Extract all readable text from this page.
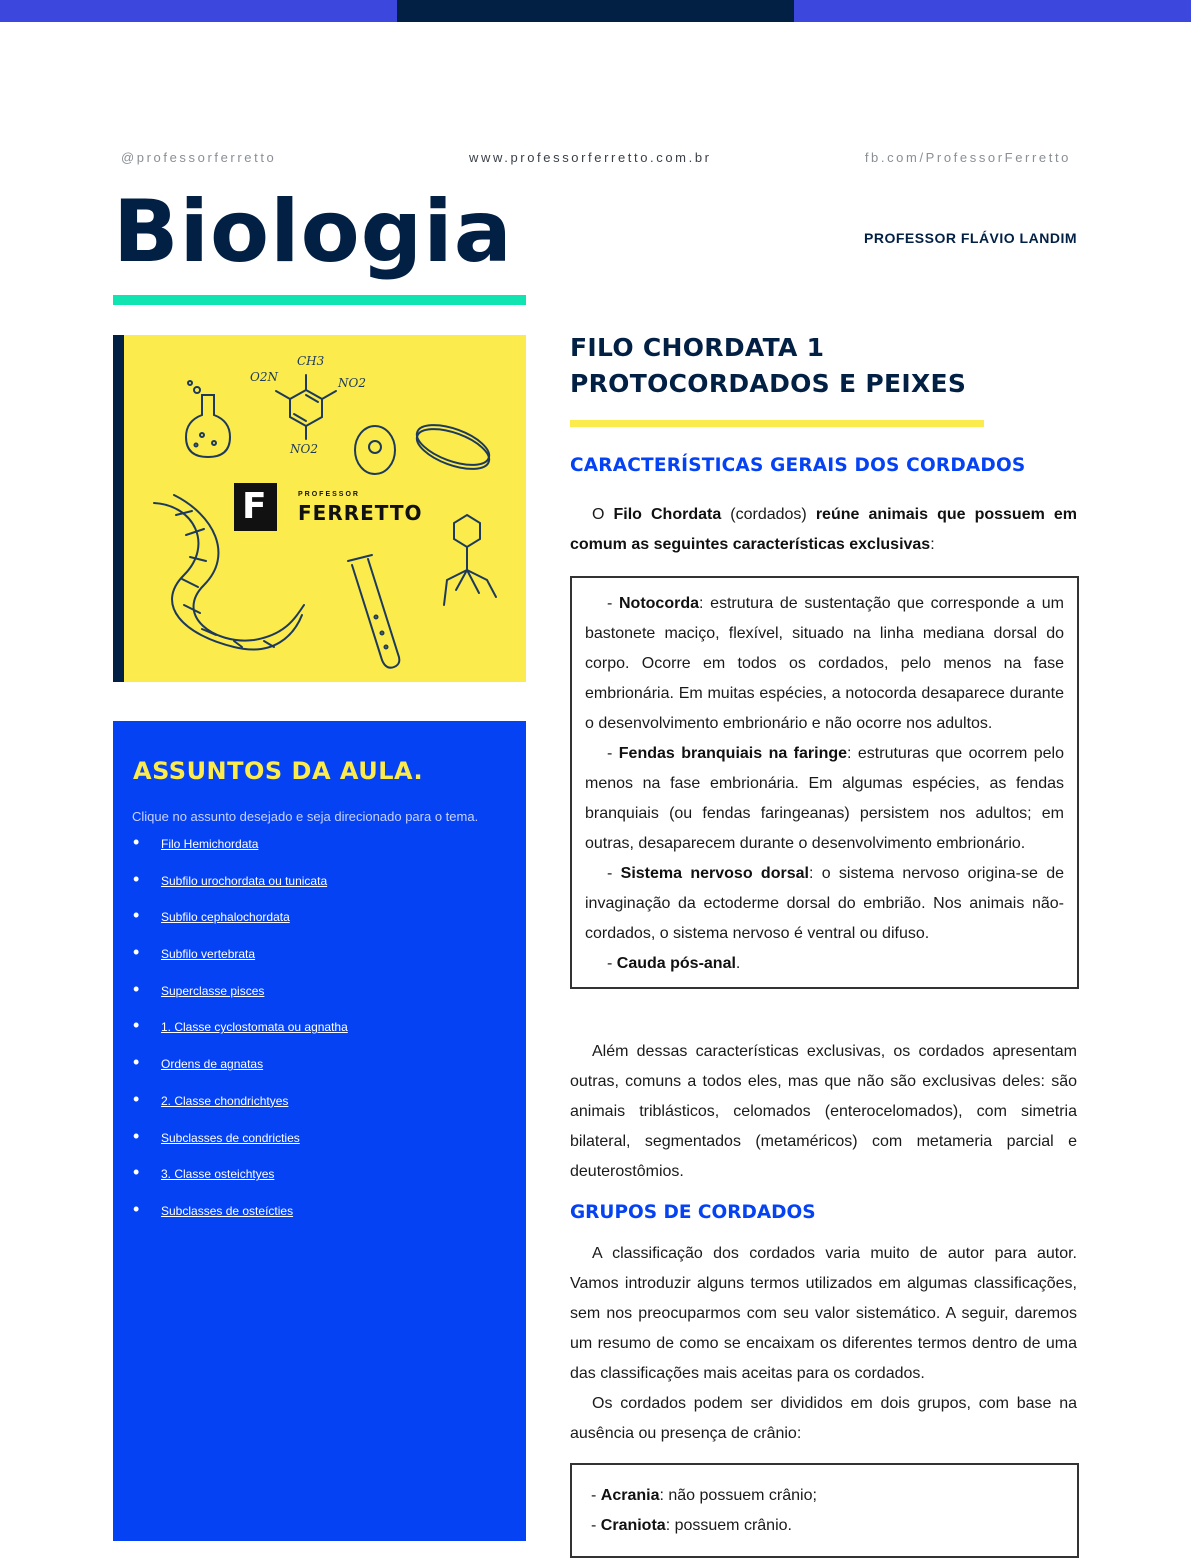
@professorferretto	www.professorferretto.com.br	fb.com/ProfessorFerretto
Biologia	PROFESSOR FLÁVIO LANDIM
CH3
O2N	NO2
NO2
F	PROFESSOR
FERRETTO
ASSUNTOS DA AULA.
Clique no assunto desejado e seja direcionado para o tema.
• Filo Hemichordata
• Subfilo urochordata ou tunicata
• Subfilo cephalochordata
• Subfilo vertebrata
• Superclasse pisces
• 1. Classe cyclostomata ou agnatha
• Ordens de agnatas
• 2. Classe chondrichtyes
• Subclasses de condricties
• 3. Classe osteichtyes
• Subclasses de osteícties
FILO CHORDATA 1
PROTOCORDADOS E PEIXES
CARACTERÍSTICAS GERAIS DOS CORDADOS

O Filo Chordata (cordados) reúne animais que possuem em comum as seguintes características exclusivas:

- Notocorda: estrutura de sustentação que corresponde a um bastonete maciço, flexível, situado na linha mediana dorsal do corpo. Ocorre em todos os cordados, pelo menos na fase embrionária. Em muitas espécies, a notocorda desaparece durante o desenvolvimento embrionário e não ocorre nos adultos.

- Fendas branquiais na faringe: estruturas que ocorrem pelo menos na fase embrionária. Em algumas espécies, as fendas branquiais (ou fendas faringeanas) persistem nos adultos; em outras, desaparecem durante o desenvolvimento embrionário.

- Sistema nervoso dorsal: o sistema nervoso origina-se de invaginação da ectoderme dorsal do embrião. Nos animais não-cordados, o sistema nervoso é ventral ou difuso.

- Cauda pós-anal.

Além dessas características exclusivas, os cordados apresentam outras, comuns a todos eles, mas que não são exclusivas deles: são animais triblásticos, celomados (enterocelomados), com simetria bilateral, segmentados (metaméricos) com metameria parcial e deuterostômios.

GRUPOS DE CORDADOS

A classificação dos cordados varia muito de autor para autor. Vamos introduzir alguns termos utilizados em algumas classificações, sem nos preocuparmos com seu valor sistemático. A seguir, daremos um resumo de como se encaixam os diferentes termos dentro de uma das classificações mais aceitas para os cordados.

Os cordados podem ser divididos em dois grupos, com base na ausência ou presença de crânio:

- Acrania: não possuem crânio;

- Craniota: possuem crânio.
